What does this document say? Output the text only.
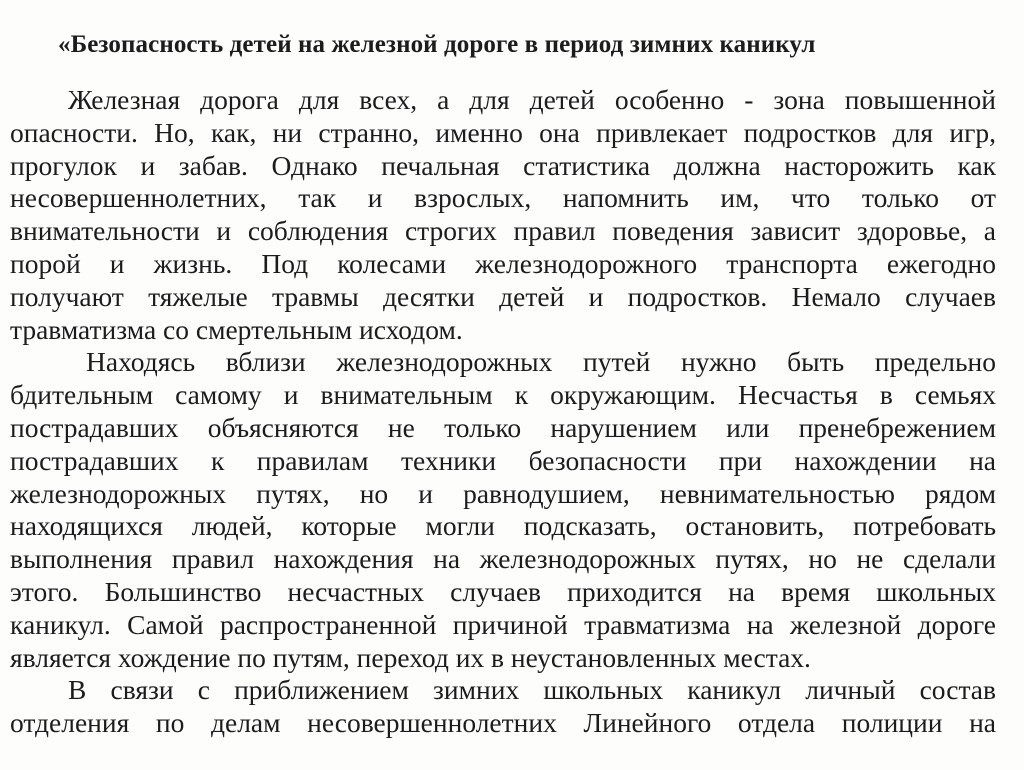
«Безопасность детей на железной дороге в период зимних каникул
Железная дорога для всех, а для детей особенно - зона повышенной
опасности. Но, как, ни странно, именно она привлекает подростков для игр,
прогулок и забав. Однако печальная статистика должна насторожить как
несовершеннолетних, так и взрослых, напомнить им, что только от
внимательности и соблюдения строгих правил поведения зависит здоровье, а
порой и жизнь. Под колесами железнодорожного транспорта ежегодно
получают тяжелые травмы десятки детей и подростков. Немало случаев
травматизма со смертельным исходом.
Находясь вблизи железнодорожных путей нужно быть предельно
бдительным самому и внимательным к окружающим. Несчастья в семьях
пострадавших объясняются не только нарушением или пренебрежением
пострадавших к правилам техники безопасности при нахождении на
железнодорожных путях, но и равнодушием, невнимательностью рядом
находящихся людей, которые могли подсказать, остановить, потребовать
выполнения правил нахождения на железнодорожных путях, но не сделали
этого. Большинство несчастных случаев приходится на время школьных
каникул. Самой распространенной причиной травматизма на железной дороге
является хождение по путям, переход их в неустановленных местах.
В связи с приближением зимних школьных каникул личный состав
отделения по делам несовершеннолетних Линейного отдела полиции на
